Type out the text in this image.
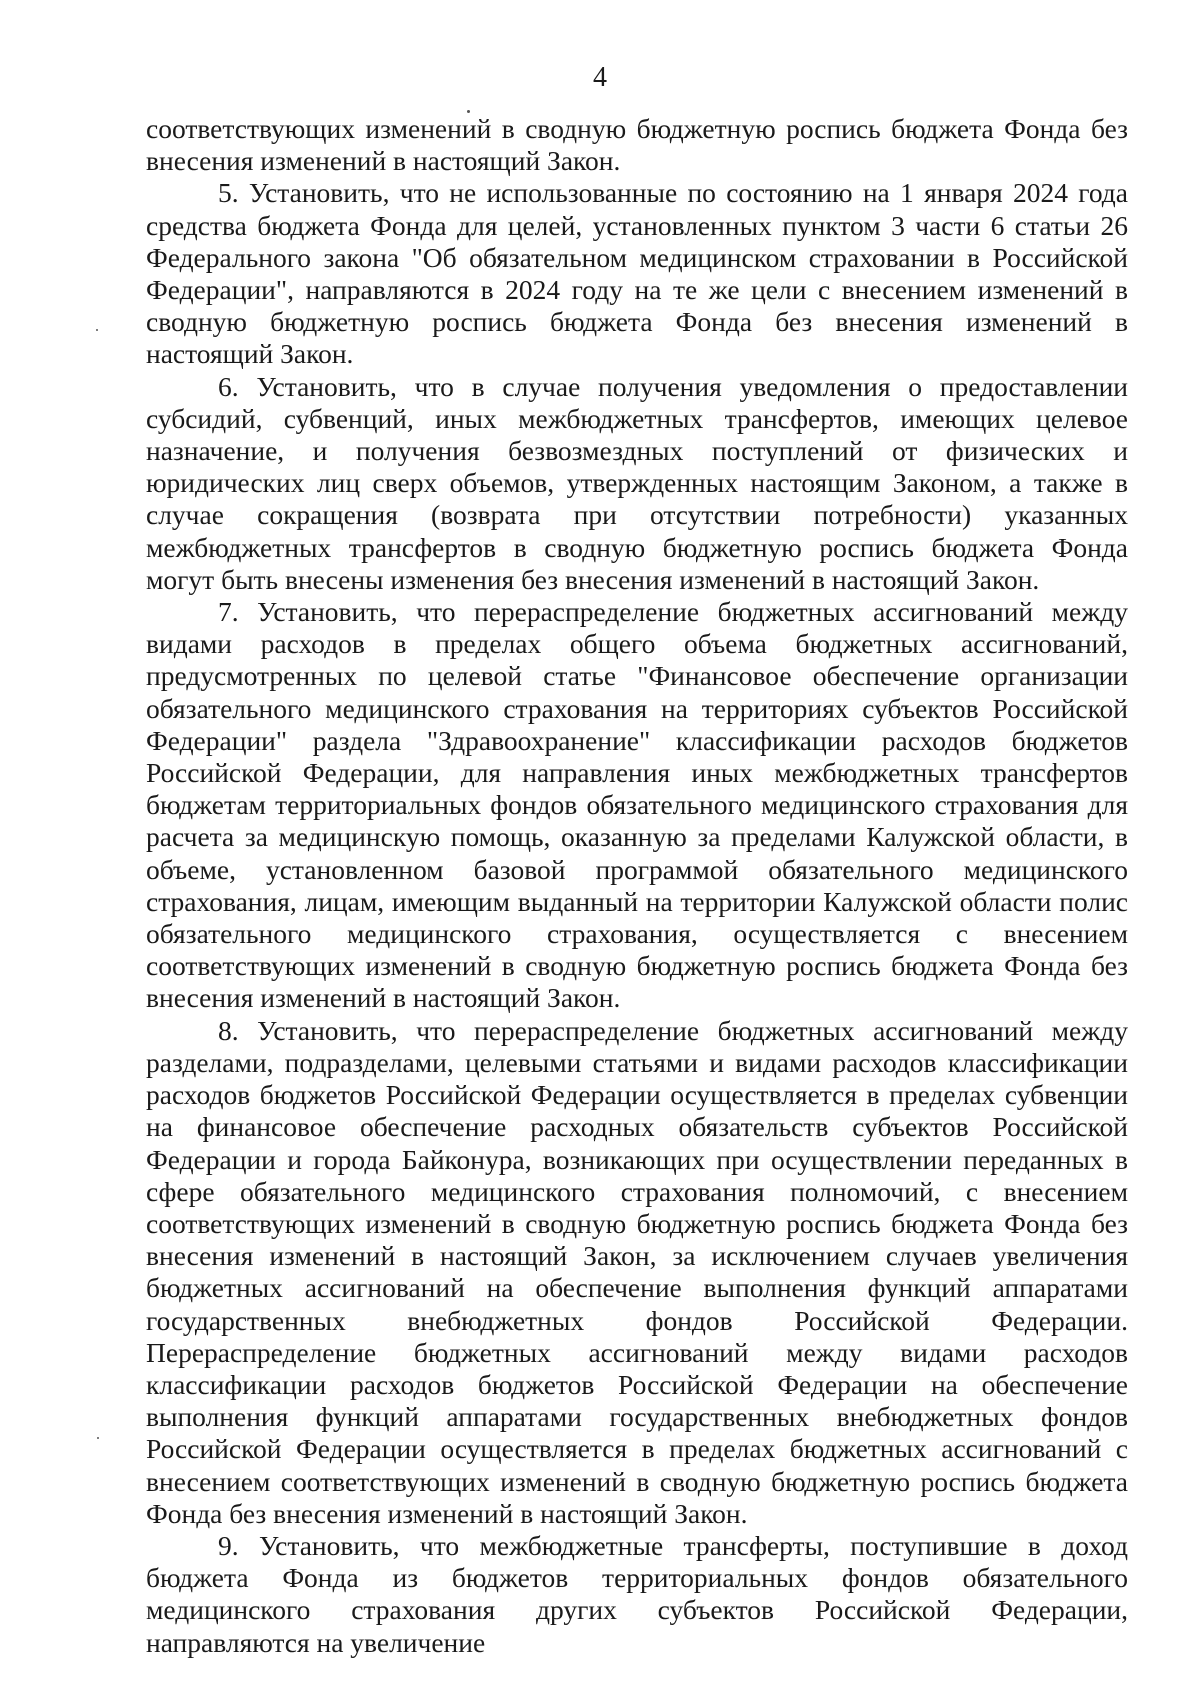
4

соответствующих изменений в сводную бюджетную роспись бюджета Фонда без внесения изменений в настоящий Закон.

5. Установить, что не использованные по состоянию на 1 января 2024 года средства бюджета Фонда для целей, установленных пунктом 3 части 6 статьи 26 Федерального закона "Об обязательном медицинском страховании в Российской Федерации", направляются в 2024 году на те же цели с внесением изменений в сводную бюджетную роспись бюджета Фонда без внесения изменений в настоящий Закон.

6. Установить, что в случае получения уведомления о предоставлении субсидий, субвенций, иных межбюджетных трансфертов, имеющих целевое назначение, и получения безвозмездных поступлений от физических и юридических лиц сверх объемов, утвержденных настоящим Законом, а также в случае сокращения (возврата при отсутствии потребности) указанных межбюджетных трансфертов в сводную бюджетную роспись бюджета Фонда могут быть внесены изменения без внесения изменений в настоящий Закон.

7. Установить, что перераспределение бюджетных ассигнований между видами расходов в пределах общего объема бюджетных ассигнований, предусмотренных по целевой статье "Финансовое обеспечение организации обязательного медицинского страхования на территориях субъектов Российской Федерации" раздела "Здравоохранение" классификации расходов бюджетов Российской Федерации, для направления иных межбюджетных трансфертов бюджетам территориальных фондов обязательного медицинского страхования для расчета за медицинскую помощь, оказанную за пределами Калужской области, в объеме, установленном базовой программой обязательного медицинского страхования, лицам, имеющим выданный на территории Калужской области полис обязательного медицинского страхования, осуществляется с внесением соответствующих изменений в сводную бюджетную роспись бюджета Фонда без внесения изменений в настоящий Закон.

8. Установить, что перераспределение бюджетных ассигнований между разделами, подразделами, целевыми статьями и видами расходов классификации расходов бюджетов Российской Федерации осуществляется в пределах субвенции на финансовое обеспечение расходных обязательств субъектов Российской Федерации и города Байконура, возникающих при осуществлении переданных в сфере обязательного медицинского страхования полномочий, с внесением соответствующих изменений в сводную бюджетную роспись бюджета Фонда без внесения изменений в настоящий Закон, за исключением случаев увеличения бюджетных ассигнований на обеспечение выполнения функций аппаратами государственных внебюджетных фондов Российской Федерации. Перераспределение бюджетных ассигнований между видами расходов классификации расходов бюджетов Российской Федерации на обеспечение выполнения функций аппаратами государственных внебюджетных фондов Российской Федерации осуществляется в пределах бюджетных ассигнований с внесением соответствующих изменений в сводную бюджетную роспись бюджета Фонда без внесения изменений в настоящий Закон.

9. Установить, что межбюджетные трансферты, поступившие в доход бюджета Фонда из бюджетов территориальных фондов обязательного медицинского страхования других субъектов Российской Федерации, направляются на увеличение
